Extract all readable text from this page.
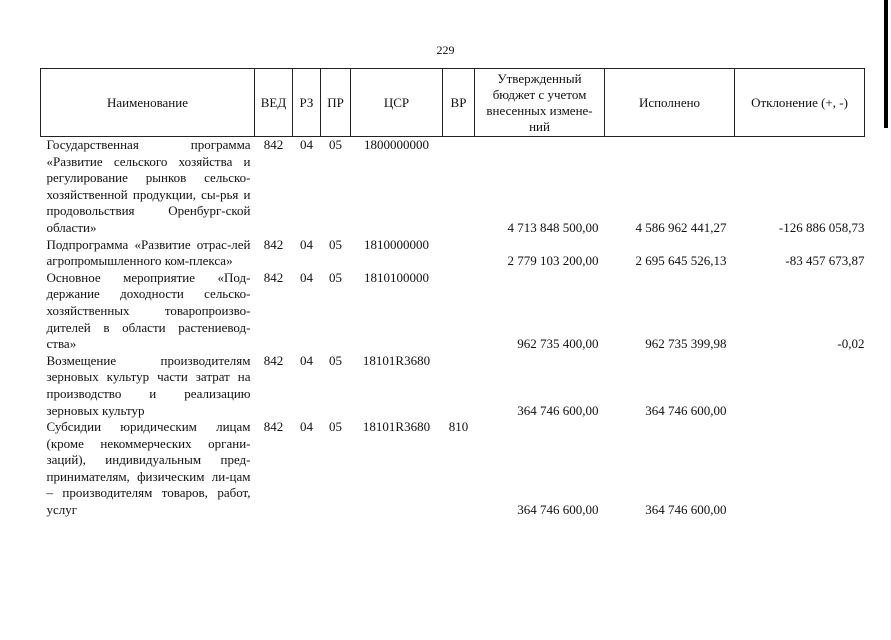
229
Наименование	ВЕД	РЗ	ПР	ЦСР	ВР	Утвержденный бюджет с учетом внесенных измене-ний	Исполнено	Отклонение (+, -)
Государственная программа «Развитие сельского хозяйства и регулирование рынков сельско-хозяйственной продукции, сы-рья и продовольствия Оренбург-ской области»	842	04	05	1800000000		4 713 848 500,00	4 586 962 441,27	-126 886 058,73
Подпрограмма «Развитие отрас-лей агропромышленного ком-плекса»	842	04	05	1810000000		2 779 103 200,00	2 695 645 526,13	-83 457 673,87
Основное мероприятие «Под-держание доходности сельско-хозяйственных товаропроизво-дителей в области растениевод-ства»	842	04	05	1810100000		962 735 400,00	962 735 399,98	-0,02
Возмещение производителям зерновых культур части затрат на производство и реализацию зерновых культур	842	04	05	18101R3680		364 746 600,00	364 746 600,00	
Субсидии юридическим лицам (кроме некоммерческих органи-заций), индивидуальным пред-принимателям, физическим ли-цам – производителям товаров, работ, услуг	842	04	05	18101R3680	810	364 746 600,00	364 746 600,00	
